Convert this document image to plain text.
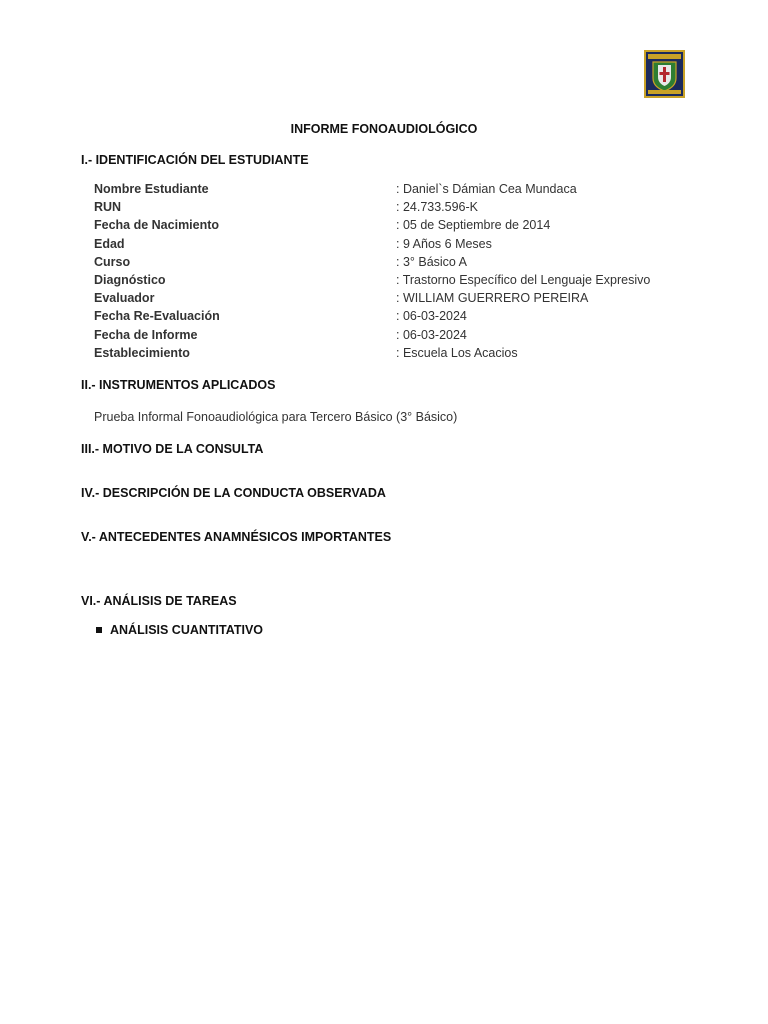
INFORME FONOAUDIOLÓGICO
I.- IDENTIFICACIÓN DEL ESTUDIANTE
Nombre Estudiante	: Daniel`s Dámian Cea Mundaca
RUN	: 24.733.596-K
Fecha de Nacimiento	: 05 de Septiembre de 2014
Edad	: 9 Años 6 Meses
Curso	: 3° Básico A
Diagnóstico	: Trastorno Específico del Lenguaje Expresivo
Evaluador	: WILLIAM GUERRERO PEREIRA
Fecha Re-Evaluación	: 06-03-2024
Fecha de Informe	: 06-03-2024
Establecimiento	: Escuela Los Acacios
II.- INSTRUMENTOS APLICADOS
Prueba Informal Fonoaudiológica para Tercero Básico (3° Básico)
III.- MOTIVO DE LA CONSULTA
IV.- DESCRIPCIÓN DE LA CONDUCTA OBSERVADA
V.- ANTECEDENTES ANAMNÉSICOS IMPORTANTES
VI.- ANÁLISIS DE TAREAS
ANÁLISIS CUANTITATIVO
